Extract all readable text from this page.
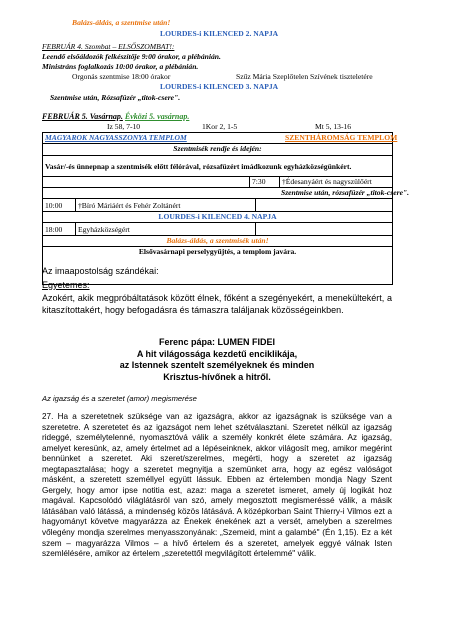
Balázs-áldás, a szentmise után!
LOURDES-i KILENCED 2. NAPJA
FEBRUÁR 4. Szombat – ELSŐSZOMBAT!:
Leendő elsőáldozók felkészítője 9:00 órakor, a plébánián.
Ministráns foglalkozás 10:00 órakor, a plébánián.
Orgonás szentmise 18:00 órakor	Szűz Mária Szeplőtelen Szívének tiszteletére
LOURDES-i KILENCED 3. NAPJA
Szentmise után, Rózsafüzér „titok-csere".
FEBRUÁR 5. Vasárnap. Évközi 5. vasárnap.
Iz 58, 7-10	1Kor 2, 1-5	Mt 5, 13-16
MAGYAROK NAGYASSZONYA TEMPLOM	SZENTHÁROMSÁG TEMPLOM
Szentmisék rendje és idején:
Vasár/-és ünnepnap a szentmisék előtt félórával, rózsafüzért imádkozunk egyházközségünkért.
7:30	†Édesanyáért és nagyszülőért
Szentmise után, rózsafüzér „titok-csere".
10:00	†Bíró Máriáért és Fehér Zoltánért
LOURDES-i KILENCED 4. NAPJA
18:00	Egyházközségért
Balázs-áldás, a szentmisék után!
Elsővasárnapi perselygyűjtés, a templom javára.
Az imaapostolság szándékai:
Egyetemes:
Azokért, akik megpróbáltatások között élnek, főként a szegényekért, a menekültekért, a kitaszítottakért, hogy befogadásra és támaszra találjanak közösségeinkben.
Ferenc pápa: LUMEN FIDEI
A hit világossága kezdetű enciklikája,
az Istennek szentelt személyeknek és minden
Krisztus-hívőnek a hitről.
Az igazság és a szeretet (amor) megismerése
27. Ha a szeretetnek szüksége van az igazságra, akkor az igazságnak is szüksége van a szeretetre. A szeretetet és az igazságot nem lehet szétválasztani. Szeretet nélkül az igazság rideggé, személytelenné, nyomasztóvá válik a személy konkrét élete számára. Az igazság, amelyet keresünk, az, amely értelmet ad a lépéseinknek, akkor világosít meg, amikor megérint bennünket a szeretet. Aki szeret/szerelmes, megérti, hogy a szeretet az igazság megtapasztalása; hogy a szeretet megnyitja a szemünket arra, hogy az egész valóságot másként, a szeretett személlyel együtt lássuk. Ebben az értelemben mondja Nagy Szent Gergely, hogy amor ipse notitia est, azaz: maga a szeretet ismeret, amely új logikát hoz magával. Kapcsolódó világlátásról van szó, amely megosztott megismeréssé válik, a másik látásában való látássá, a mindenség közös látásává. A középkorban Saint Thierry-i Vilmos ezt a hagyományt követve magyarázza az Énekek énekének azt a versét, amelyben a szerelmes vőlegény mondja szerelmes menyasszonyának: „Szemeid, mint a galambé" (Én 1,15). Ez a két szem – magyarázza Vilmos – a hívő értelem és a szeretet, amelyek eggyé válnak Isten szemlélésére, amikor az értelem „szeretettől megvilágított értelemmé" válik.
